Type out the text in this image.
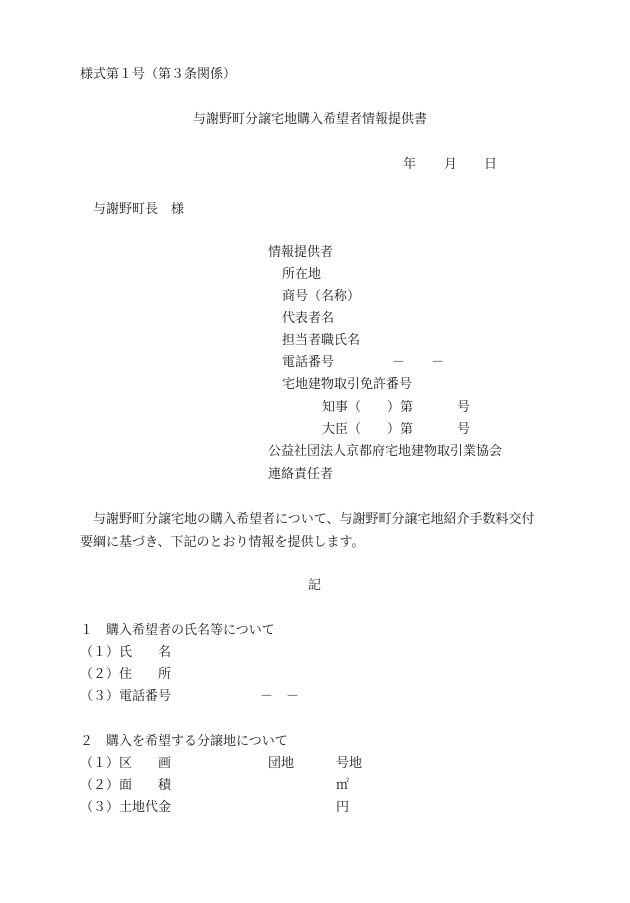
様式第１号（第３条関係）
与謝野町分譲宅地購入希望者情報提供書
年 月 日
与謝野町長　様
情報提供者
所在地
商号（名称）
代表者名
担当者職氏名
電話番号	－　　－
宅地建物取引免許番号
知事（　　）第	号
大臣（　　）第	号
公益社団法人京都府宅地建物取引業協会
連絡責任者
与謝野町分譲宅地の購入希望者について、与謝野町分譲宅地紹介手数料交付
要綱に基づき、下記のとおり情報を提供します。
記
１　購入希望者の氏名等について
（１）氏　　名
（２）住　　所
（３）電話番号	－　－
２　購入を希望する分譲地について
（１）区　　画	団地	号地
（２）面　　積	㎡
（３）土地代金	円
